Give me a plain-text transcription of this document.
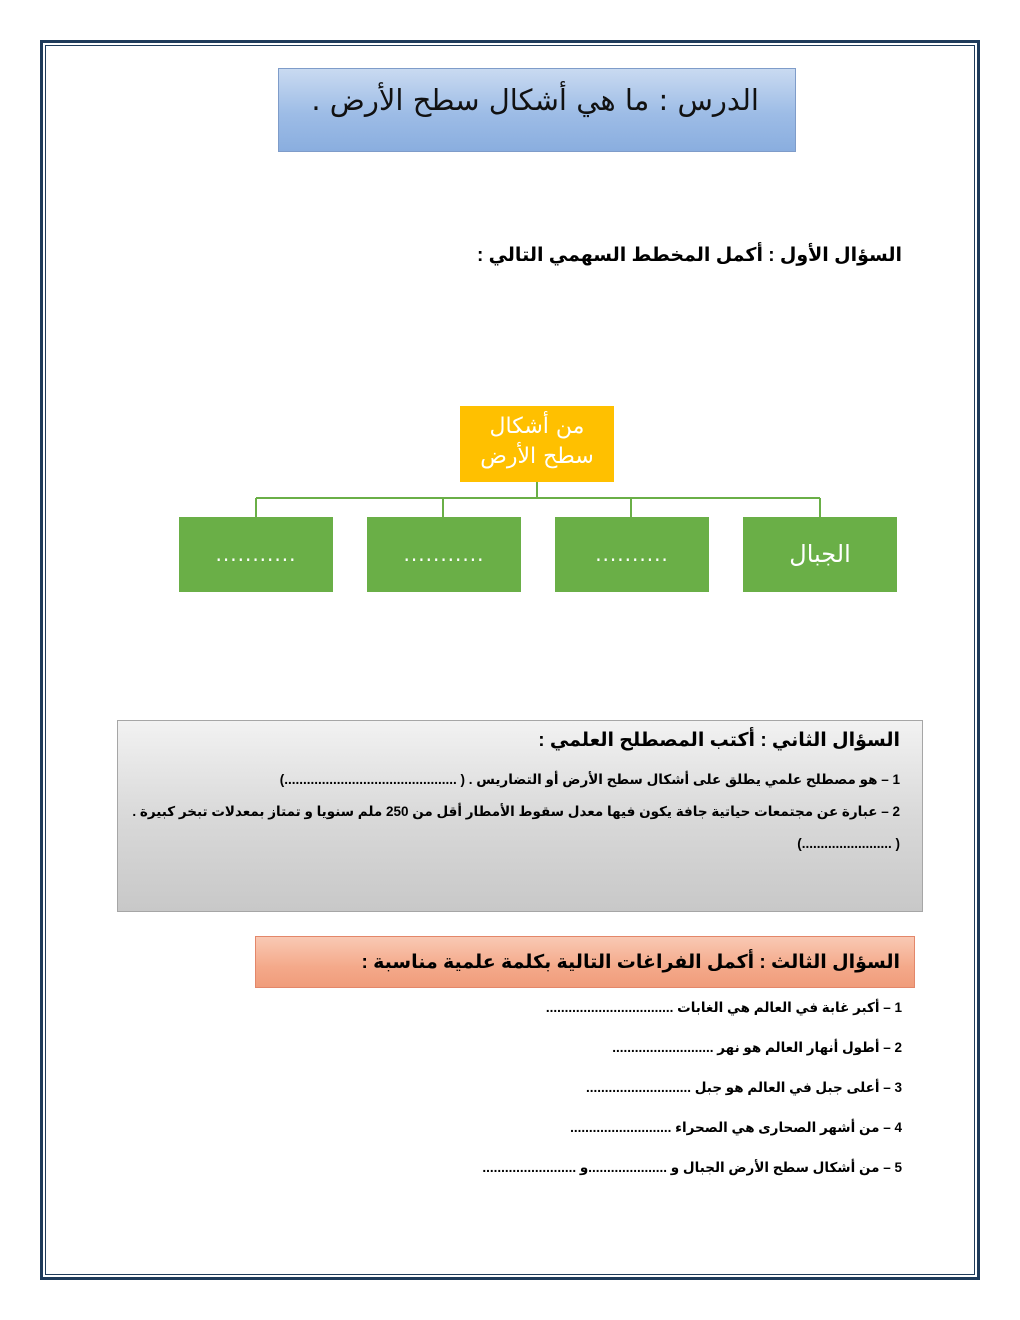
الدرس : ما هي أشكال سطح الأرض .
السؤال الأول : أكمل المخطط السهمي التالي :
من أشكال
سطح الأرض
الجبال
..........
...........
...........
السؤال الثاني : أكتب المصطلح العلمي :
1 – هو مصطلح علمي يطلق على أشكال سطح الأرض أو التضاريس . ( ..............................................)
2 – عبارة عن مجتمعات حياتية جافة يكون فيها معدل سقوط الأمطار أقل من 250 ملم سنويا و تمتاز بمعدلات تبخر كبيرة .
( ........................)
السؤال الثالث : أكمل الفراغات التالية بكلمة علمية مناسبة :
1 – أكبر غابة في العالم هي الغابات ..................................
2 – أطول أنهار العالم هو نهر ...........................
3 – أعلى جبل في العالم هو جبل ............................
4 – من أشهر الصحارى هي الصحراء ...........................
5 – من أشكال سطح الأرض الجبال و .....................و .........................
